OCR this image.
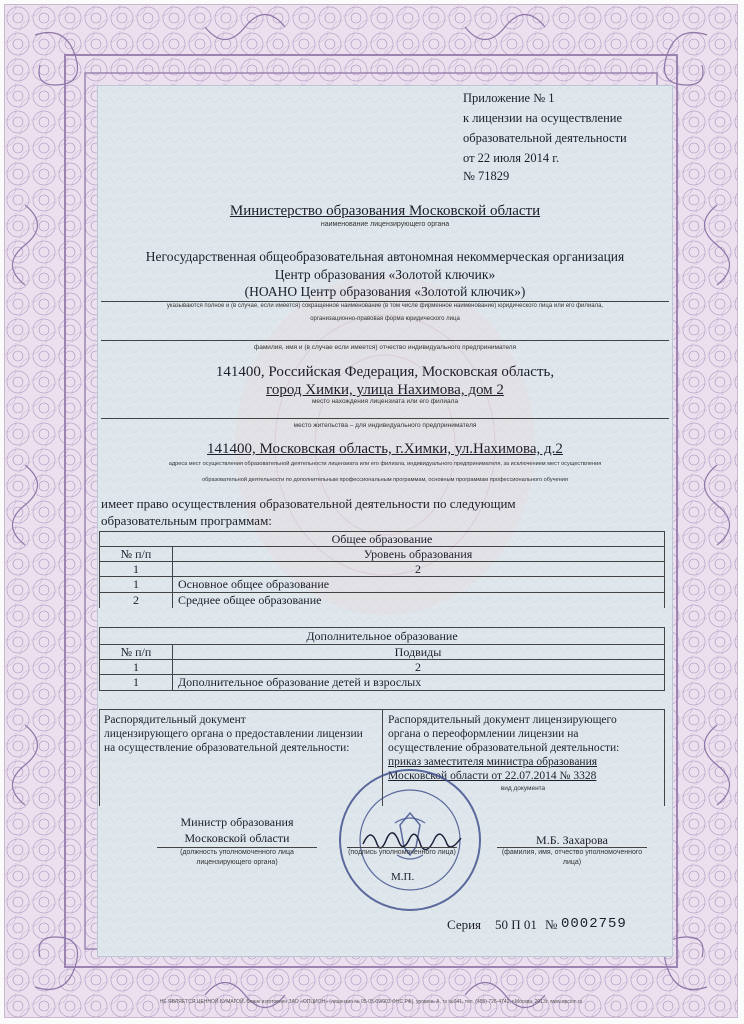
Приложение № 1
к лицензии на осуществление
образовательной деятельности
от 22 июля 2014 г.
№ 71829
Министерство образования Московской области
наименование лицензирующего органа
Негосударственная общеобразовательная автономная некоммерческая организация
Центр образования «Золотой ключик»
(НОАНО Центр образования «Золотой ключик»)
указываются полное и (в случае, если имеется) сокращенное наименование (в том числе фирменное наименование) юридического лица или его филиала,
организационно-правовая форма юридического лица
фамилия, имя и (в случае если имеется) отчество индивидуального предпринимателя
141400, Российская Федерация, Московская область,
город Химки, улица Нахимова, дом 2
место нахождения лицензиата или его филиала
место жительства – для индивидуального предпринимателя
141400, Московская область, г.Химки, ул.Нахимова, д.2
адреса мест осуществления образовательной деятельности лицензиата или его филиала, индивидуального предпринимателя, за исключением мест осуществления
образовательной деятельности по дополнительным профессиональным программам, основным программам профессионального обучения
имеет право осуществления образовательной деятельности по следующим
образовательным программам:
Общее образование
№ п/п	Уровень образования
1	2
1	Основное общее образование
2	Среднее общее образование
Дополнительное образование
№ п/п	Подвиды
1	2
1	Дополнительное образование детей и взрослых
Распорядительный документ
лицензирующего органа о предоставлении лицензии
на осуществление образовательной деятельности:
Распорядительный документ лицензирующего
органа о переоформлении лицензии на
осуществление образовательной деятельности:
приказ заместителя министра образования
Московской области от 22.07.2014 № 3328
вид документа
Министр образования
Московской области
(должность уполномоченного лица
лицензирующего органа)
(подпись уполномоченного лица)
М.Б. Захарова
(фамилия, имя, отчество уполномоченного
лица)
М.П.
Серия 50 П 01 № 0002759
НЕ ЯВЛЯЕТСЯ ЦЕННОЙ БУМАГОЙ. Бланк изготовлен ЗАО «ОПЦИОН» (лицензия № 05-05-09/003 ФНС РФ), уровень А, тз №041, тел. (495) 726-4742, г.Москва, 2013г. www.opcion.ru
